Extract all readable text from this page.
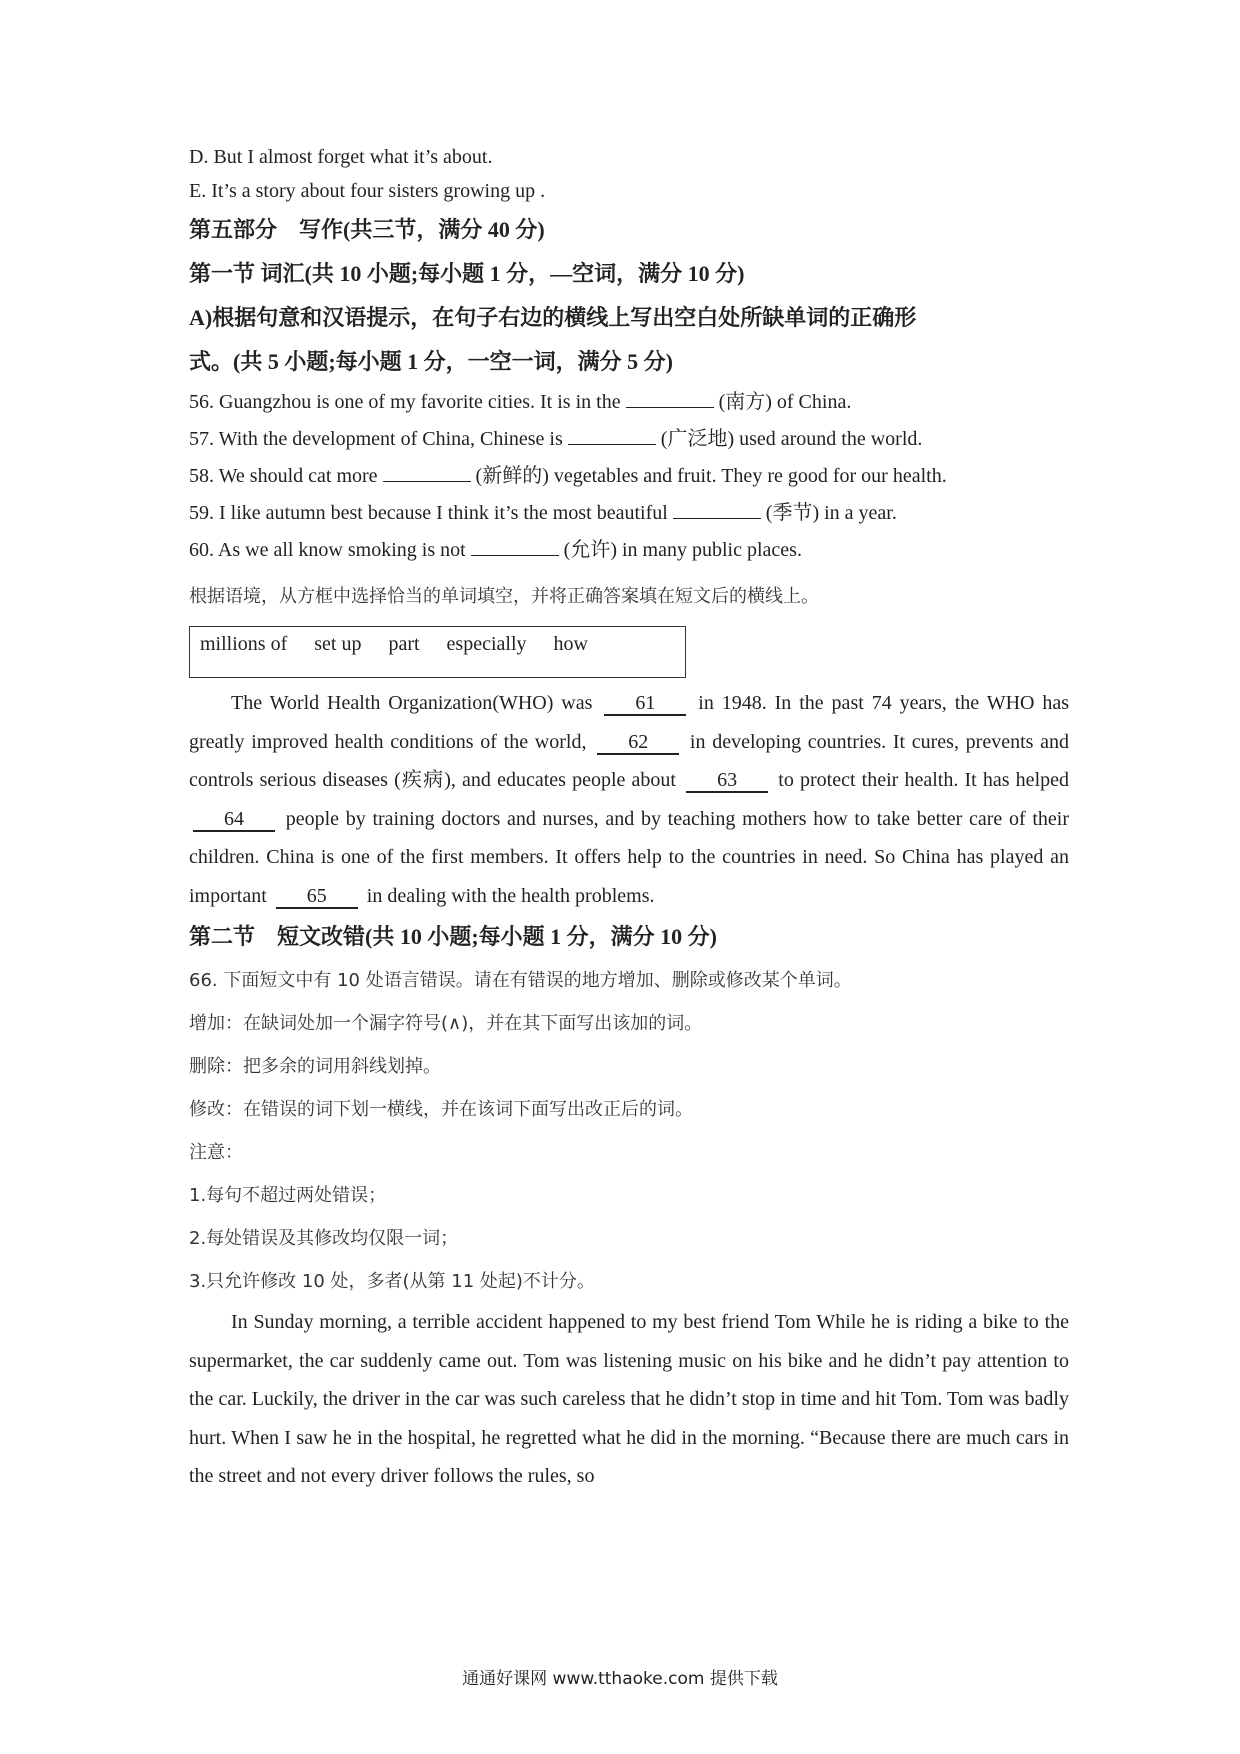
D. But I almost forget what it’s about.
E. It’s a story about four sisters growing up .
第五部分　写作(共三节，满分 40 分)
第一节 词汇(共 10 小题;每小题 1 分，—空词，满分 10 分)
A)根据句意和汉语提示，在句子右边的横线上写出空白处所缺单词的正确形
式。(共 5 小题;每小题 1 分，一空一词，满分 5 分)
56. Guangzhou is one of my favorite cities. It is in the	(南方) of China.
57. With the development of China, Chinese is	(广泛地) used around the world.
58. We should cat more	(新鲜的) vegetables and fruit. They re good for our health.
59. I like autumn best because I think it’s the most beautiful	(季节) in a year.
60. As we all know smoking is not	(允许) in many public places.
根据语境，从方框中选择恰当的单词填空，并将正确答案填在短文后的横线上。
millions of set up part especially how
The World Health Organization(WHO) was 61 in 1948. In the past 74 years, the WHO has greatly improved health conditions of the world, 62 in developing countries. It cures, prevents and controls serious diseases (疾病), and educates people about 63 to protect their health. It has helped 64 people by training doctors and nurses, and by teaching mothers how to take better care of their children. China is one of the first members. It offers help to the countries in need. So China has played an important 65 in dealing with the health problems.
第二节　短文改错(共 10 小题;每小题 1 分，满分 10 分)
66. 下面短文中有 10 处语言错误。请在有错误的地方增加、删除或修改某个单词。
增加：在缺词处加一个漏字符号(∧)，并在其下面写出该加的词。
删除：把多余的词用斜线划掉。
修改：在错误的词下划一横线，并在该词下面写出改正后的词。
注意：
1.每句不超过两处错误；
2.每处错误及其修改均仅限一词；
3.只允许修改 10 处，多者(从第 11 处起)不计分。
In Sunday morning, a terrible accident happened to my best friend Tom While he is riding a bike to the supermarket, the car suddenly came out. Tom was listening music on his bike and he didn’t pay attention to the car. Luckily, the driver in the car was such careless that he didn’t stop in time and hit Tom. Tom was badly hurt. When I saw he in the hospital, he regretted what he did in the morning. “Because there are much cars in the street and not every driver follows the rules, so
通通好课网 www.tthaoke.com 提供下载
